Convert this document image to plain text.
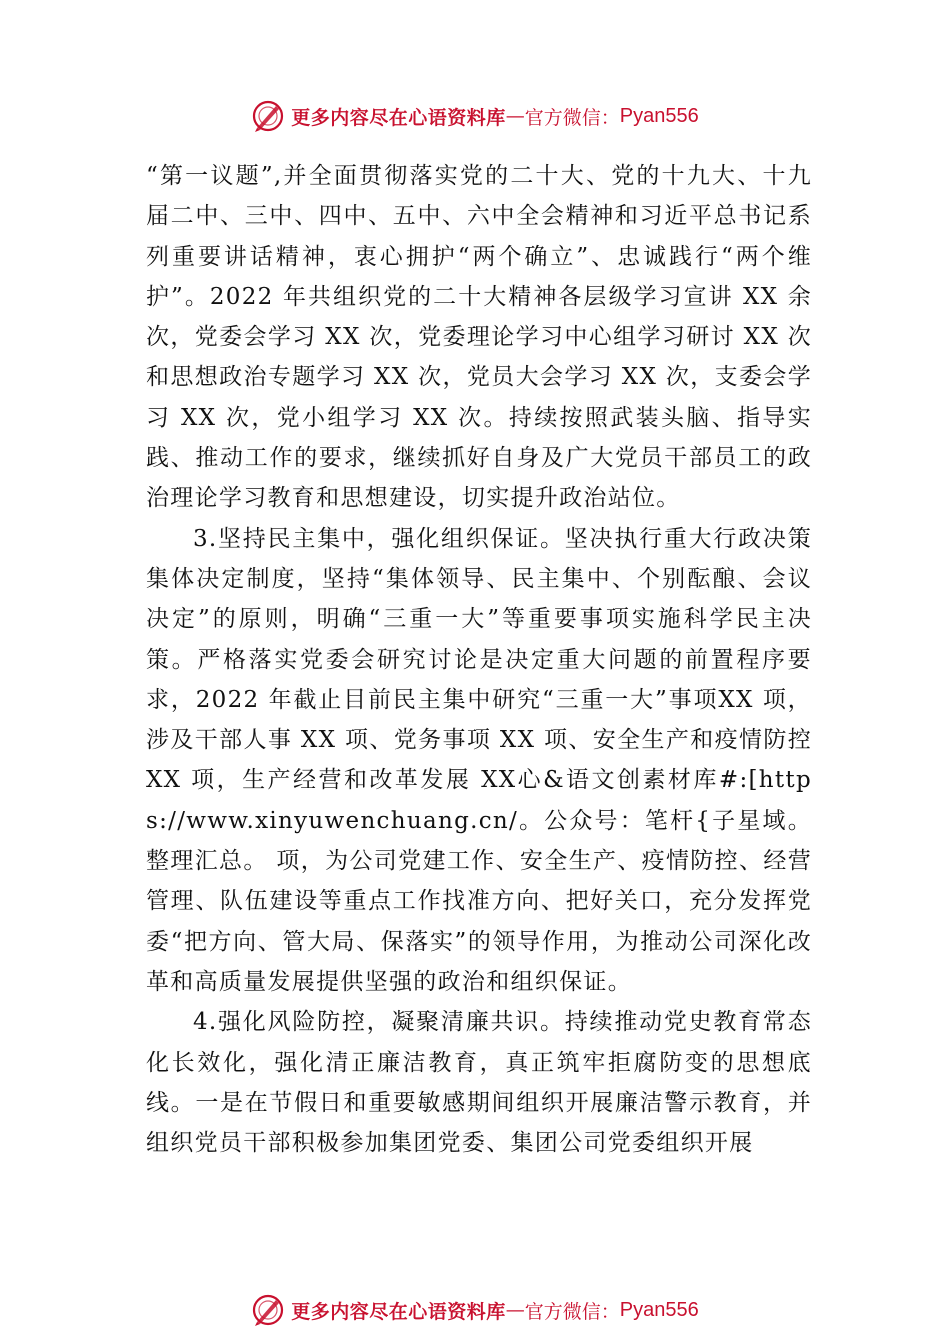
更多内容尽在心语资料库 — 官方微信： Pyan556

“第一议题”,并全面贯彻落实党的二十大、党的十九大、十九届二中、三中、四中、五中、六中全会精神和习近平总书记系列重要讲话精神，衷心拥护“两个确立”、忠诚践行“两个维护”。2022 年共组织党的二十大精神各层级学习宣讲 XX 余次，党委会学习 XX 次，党委理论学习中心组学习研讨 XX 次和思想政治专题学习 XX 次，党员大会学习 XX 次，支委会学习 XX 次，党小组学习 XX 次。持续按照武装头脑、指导实践、推动工作的要求，继续抓好自身及广大党员干部员工的政治理论学习教育和思想建设，切实提升政治站位。

3.坚持民主集中，强化组织保证。坚决执行重大行政决策集体决定制度，坚持“集体领导、民主集中、个别酝酿、会议决定”的原则，明确“三重一大”等重要事项实施科学民主决策。严格落实党委会研究讨论是决定重大问题的前置程序要求，2022 年截止目前民主集中研究“三重一大”事项XX 项，涉及干部人事 XX 项、党务事项 XX 项、安全生产和疫情防控 XX 项，生产经营和改革发展 XX心&语文创素材库#:[https://www.xinyuwenchuang.cn/。公众号：笔杆{子星域。整理汇总。 项，为公司党建工作、安全生产、疫情防控、经营管理、队伍建设等重点工作找准方向、把好关口，充分发挥党委“把方向、管大局、保落实”的领导作用，为推动公司深化改革和高质量发展提供坚强的政治和组织保证。

4.强化风险防控，凝聚清廉共识。持续推动党史教育常态化长效化，强化清正廉洁教育，真正筑牢拒腐防变的思想底线。一是在节假日和重要敏感期间组织开展廉洁警示教育，并组织党员干部积极参加集团党委、集团公司党委组织开展

更多内容尽在心语资料库 — 官方微信： Pyan556
